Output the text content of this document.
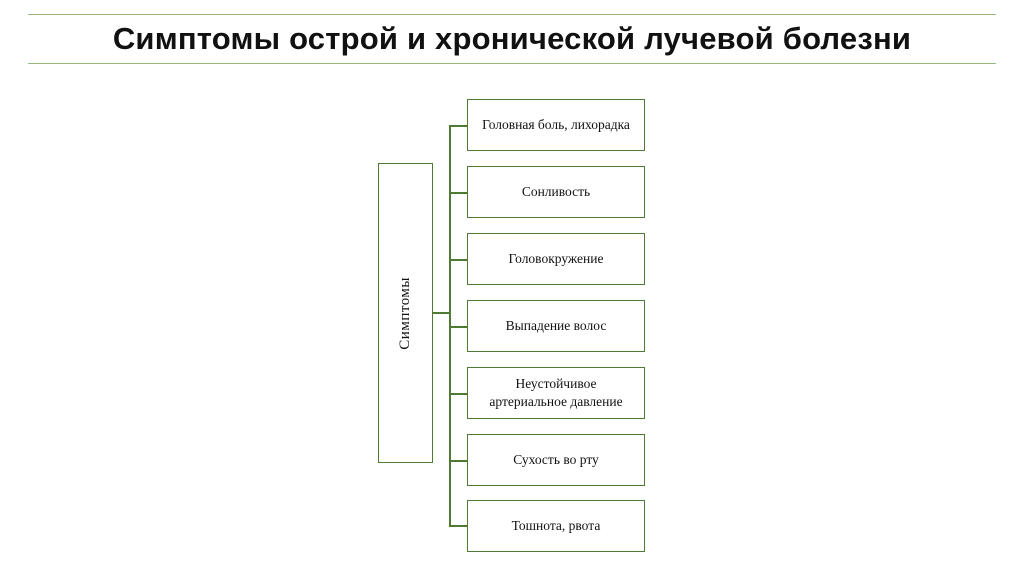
Симптомы острой и хронической лучевой болезни
Симптомы
Головная боль, лихорадка
Сонливость
Головокружение
Выпадение волос
Неустойчивое артериальное давление
Сухость во рту
Тошнота, рвота
